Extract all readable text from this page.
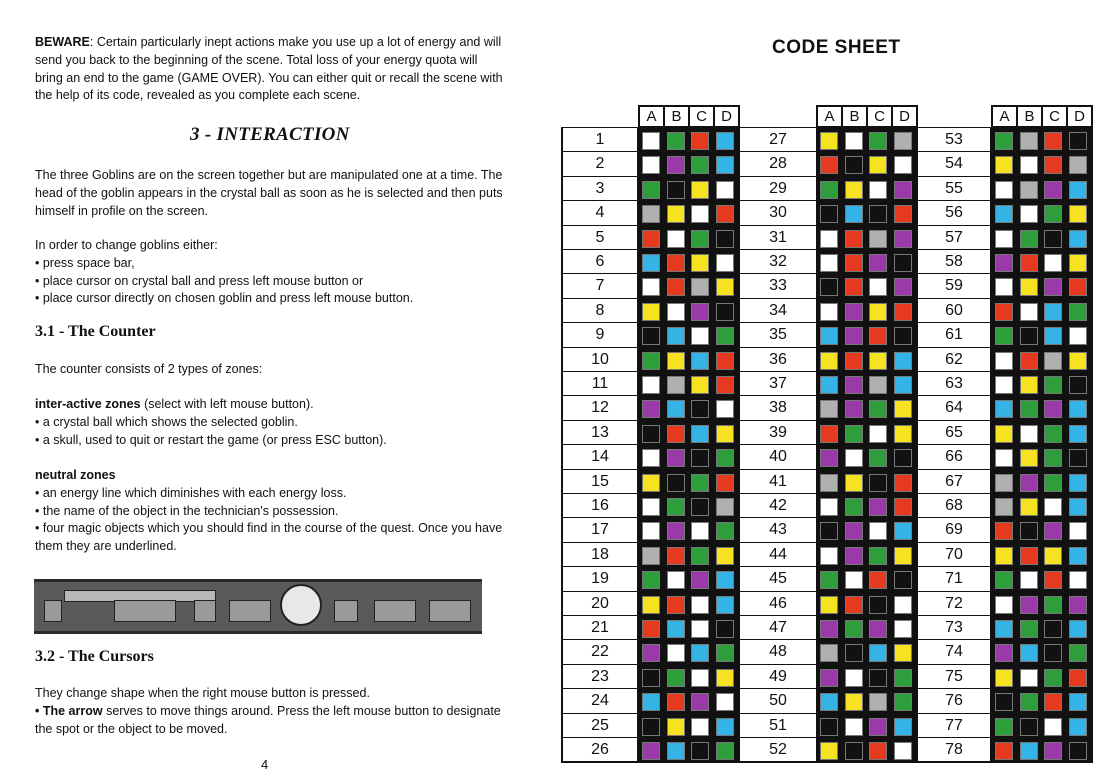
BEWARE: Certain particularly inept actions make you use up a lot of energy and will send you back to the beginning of the scene. Total loss of your energy quota will bring an end to the game (GAME OVER). You can either quit or recall the scene with the help of its code, revealed as you complete each scene.
3 - INTERACTION
The three Goblins are on the screen together but are manipulated one at a time. The head of the goblin appears in the crystal ball as soon as he is selected and then puts himself in profile on the screen.
In order to change goblins either:
• press space bar,
• place cursor on crystal ball and press left mouse button or
• place cursor directly on chosen goblin and press left mouse button.
3.1 - The Counter
The counter consists of 2 types of zones:
inter-active zones (select with left mouse button).
• a crystal ball which shows the selected goblin.
• a skull, used to quit or restart the game (or press ESC button).
neutral zones
• an energy line which diminishes with each energy loss.
• the name of the object in the technician's possession.
• four magic objects which you should find in the course of the quest. Once you have them they are underlined.
3.2 - The Cursors
They change shape when the right mouse button is pressed.
• The arrow serves to move things around. Press the left mouse button to designate the spot or the object to be moved.
4
CODE SHEET
A B C D
1
2
3
4
5
6
7
8
9
10
11
12
13
14
15
16
17
18
19
20
21
22
23
24
25
26
A B C D
27
28
29
30
31
32
33
34
35
36
37
38
39
40
41
42
43
44
45
46
47
48
49
50
51
52
A B C D
53
54
55
56
57
58
59
60
61
62
63
64
65
66
67
68
69
70
71
72
73
74
75
76
77
78
